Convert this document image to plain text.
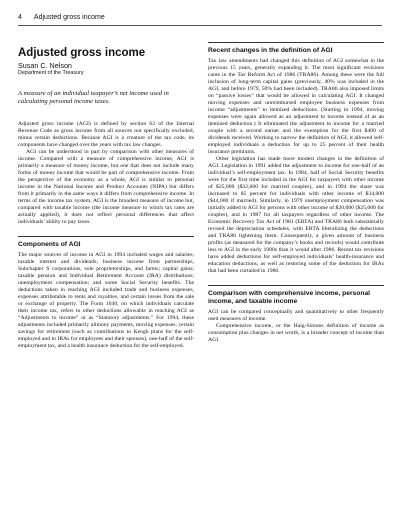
4 Adjusted gross income
Adjusted gross income
Susan C. Nelson
Department of the Treasury
A measure of an individual taxpayer’s net income used in calculating personal income taxes.

Adjusted gross income (AGI) is defined by section 62 of the Internal Revenue Code as gross income from all sources not specifically excluded, minus certain deductions. Because AGI is a creature of the tax code, its components have changed over the years with tax law changes.

AGI can be understood in part by comparison with other measures of income. Compared with a measure of comprehensive income, AGI is primarily a measure of money income, but one that does not include many forms of money income that would be part of comprehensive income. From the perspective of the economy as a whole, AGI is similar to personal income in the National Income and Product Accounts (NIPA) but differs from it primarily in the same ways it differs from comprehensive income. In terms of the income tax system, AGI is the broadest measure of income but, compared with taxable income (the income measure to which tax rates are actually applied), it does not reflect personal differences that affect individuals’ ability to pay taxes.

Components of AGI

The major sources of income in AGI in 1994 included wages and salaries; taxable interest and dividends; business income from partnerships, Subchapter S corporations, sole proprietorships, and farms; capital gains; taxable pension and Individual Retirement Account (IRA) distributions; unemployment compensation; and some Social Security benefits. The deductions taken in reaching AGI included trade and business expenses, expenses attributable to rents and royalties, and certain losses from the sale or exchange of property. The Form 1040, on which individuals calculate their income tax, refers to other deductions allowable in reaching AGI as “Adjustments to income” or as “Statutory adjustments.” For 1994, these adjustments included primarily alimony payments, moving expenses, certain savings for retirement (such as contributions to Keogh plans for the self-employed and to IRAs for employees and their spouses), one-half of the self-employment tax, and a health insurance deduction for the self-employed.

Recent changes in the definition of AGI

Tax law amendments had changed this definition of AGI somewhat in the previous 15 years, generally expanding it. The most significant revisions came in the Tax Reform Act of 1986 (TRA86). Among these were the full inclusion of long-term capital gains (previously, 40% was included in the AGI, and before 1979, 50% had been included). TRA86 also imposed limits on “passive losses” that would be allowed in calculating AGI. It changed moving expenses and unreimbursed employee business expenses from income “adjustments” to itemized deductions. (Starting in 1994, moving expenses were again allowed as an adjustment to income instead of as an itemized deduction.) It eliminated the adjustment to income for a married couple with a second earner and the exemption for the first $400 of dividends received. Working to narrow the definition of AGI, it allowed self-employed individuals a deduction for up to 25 percent of their health insurance premiums.

Other legislation has made more modest changes in the definition of AGI. Legislation in 1991 added the adjustment to income for one-half of an individual’s self-employment tax. In 1984, half of Social Security benefits were for the first time included in the AGI for taxpayers with other income of $25,000 ($32,000 for married couples), and in 1994 the share was increased to 85 percent for individuals with other income of $34,000 ($44,000 if married). Similarly, in 1979 unemployment compensation was initially added to AGI for persons with other income of $20,000 ($25,000 for couples), and in 1987 for all taxpayers regardless of other income. The Economic Recovery Tax Act of 1981 (ERTA) and TRA86 both substantially revised the depreciation schedules, with ERTA liberalizing the deductions and TRA86 tightening them. Consequently, a given amount of business profits (as measured for the company’s books and records) would contribute less to AGI in the early 1980s than it would after 1986. Recent tax revisions have added deductions for self-employed individuals’ health-insurance and education deductions, as well as restoring some of the deduction for IRAs that had been curtailed in 1986.

Comparison with comprehensive income, personal income, and taxable income

AGI can be compared conceptually and quantitatively to other frequently used measures of income.

Comprehensive income, or the Haig-Simons definition of income as consumption plus changes in net worth, is a broader concept of income than AGI.
